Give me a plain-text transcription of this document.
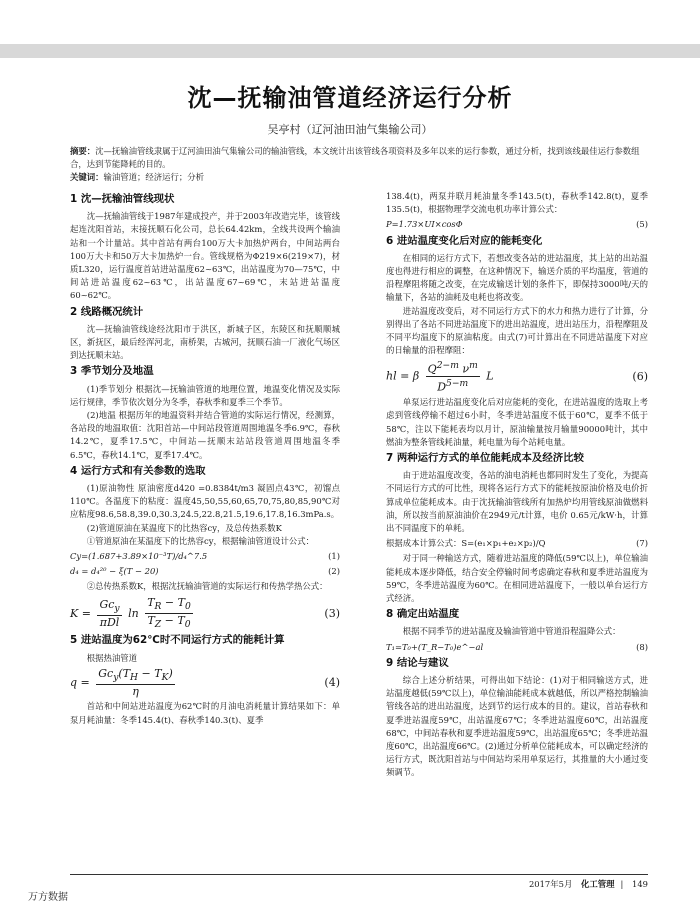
沈—抚输油管道经济运行分析
吴亭村（辽河油田油气集输公司）
摘要：沈—抚输油管线隶属于辽河油田油气集输公司的输油管线，本文统计出该管线各项资料及多年以来的运行参数，通过分析，找到该线最佳运行参数组合，达到节能降耗的目的。
关键词：输油管道；经济运行；分析
1 沈—抚输油管线现状

沈—抚输油管线于1987年建成投产，并于2003年改造完毕，该管线起连沈阳首站，末接抚顺石化公司，总长64.42km，全线共设两个输油站和一个计量站。其中首站有两台100万大卡加热炉两台，中间站两台100万大卡和50万大卡加热炉一台。管线规格为Φ219×6(219×7)，材质L320，运行温度首站进站温度62~63℃，出站温度为70—75℃，中间站进站温度62~63℃，出站温度67~69℃，末站进站温度60~62℃。

2 线路概况统计

沈—抚输油管线途经沈阳市于洪区，新城子区，东陵区和抚顺顺城区，新抚区，最后经浑河北，南桥架，古城河，抚顺石油一厂液化气场区到达抚顺末站。

3 季节划分及地温

(1)季节划分 根据沈—抚输油管道的地理位置，地温变化情况及实际运行规律，季节依次划分为冬季，春秋季和夏季三个季节。

(2)地温 根据历年的地温资料并结合管道的实际运行情况，经测算，各站段的地温取值：沈阳首站—中间站段管道周围地温冬季6.9℃，春秋14.2℃，夏季17.5℃，中间站—抚顺末站站段管道周围地温冬季6.5℃，春秋14.1℃，夏季17.4℃。

4 运行方式和有关参数的选取

(1)原油物性 原油密度d420 =0.8384t/m3 凝固点43℃，初馏点110℃。各温度下的粘度：温度45,50,55,60,65,70,75,80,85,90℃对应粘度98.6,58.8,39.0,30.3,24.5,22.8,21.5,19.6,17.8,16.3mPa.s。

(2)管道原油在某温度下的比热容cy，及总传热系数K

①管道原油在某温度下的比热容cy，根据输油管道设计公式：

Cy=(1.687+3.89×10⁻³T)/d₄^7.5	(1)
d₄ = d₄²⁰ − ξ(T − 20)	(2)

②总传热系数K，根据沈抚输油管道的实际运行和传热学热公式：

$K = \frac{Gc_y}{\text{πDl}}$ $\ln \frac{T_R - T_0}{T_Z - T_0}$	(3)
5 进站温度为62℃时不同运行方式的能耗计算

根据热油管道

$q = \frac{Gc_y(T_H - T_K)}{\eta}$	(4)

首站和中间站进站温度为62℃时的月油电消耗量计算结果如下：单泵月耗油量：冬季145.4(t)、春秋季140.3(t)、夏季

138.4(t)，两泵并联月耗油量冬季143.5(t)，春秋季142.8(t)，夏季135.5(t)，根据物理学交流电机功率计算公式：

P=1.73×UI×cosΦ	(5)
6 进站温度变化后对应的能耗变化

在相同的运行方式下，若想改变各站的进站温度，其上站的出站温度也得进行相应的调整，在这种情况下，输送介质的平均温度，管道的沿程摩阻将随之改变，在完成输送计划的条件下，即保持3000吨/天的输量下，各站的油耗及电耗也将改变。

进站温度改变后，对不同运行方式下的水力和热力进行了计算，分别得出了各站不同进站温度下的进出站温度，进出站压力，沿程摩阻及不同平均温度下的原油粘度。由式(7)可计算出在不同进站温度下对应的日输量的沿程摩阻：

hl = β $\frac{Q^{2-m} \nu^m}{D^{5-m}}$ L	(6)

单泵运行进站温度变化后对应能耗的变化，在进站温度的选取上考虑到管线停输不超过6小时，冬季进站温度不低于60℃，夏季不低于58℃，注以下能耗表均以月计，原油输量按月输量90000吨计，其中燃油为整条管线耗油量，耗电量为每个站耗电量。

7 两种运行方式的单位能耗成本及经济比较

由于进站温度改变，各站的油电消耗也都同时发生了变化，为提高不同运行方式的可比性，现将各运行方式下的能耗按原油价格及电价折算成单位能耗成本。由于沈抚输油管线所有加热炉均用管线原油做燃料油，所以按当前原油油价在2949元/t计算，电价 0.65元/kW·h，计算出不同温度下的单耗。

根据成本计算公式：S=(e₁×p₁+e₂×p₂)/Q	(7)

对于同一种输送方式，随着进站温度的降低(59℃以上)，单位输油能耗成本逐步降低，结合安全停输时间考虑确定春秋和夏季进站温度为59℃，冬季进站温度为60℃。在相同进站温度下，一般以单台运行方式经济。

8 确定出站温度

根据不同季节的进站温度及输油管道中管道沿程温降公式：

T₁=T₀+(T_R−T₀)e^−al	(8)
9 结论与建议

综合上述分析结果，可得出如下结论：(1)对于相同输送方式，进站温度越低(59℃以上)，单位输油能耗成本就越低，所以严格控制输油管线各站的进出站温度，达到节约运行成本的目的。建议，首站春秋和夏季进站温度59℃，出站温度67℃；冬季进站温度60℃，出站温度68℃，中间站春秋和夏季进站温度59℃，出站温度65℃；冬季进站温度60℃，出站温度66℃。(2)通过分析单位能耗成本，可以确定经济的运行方式，既沈阳首站与中间站均采用单泵运行，其推量的大小通过变频调节。

2017年5月 化工管理 | 149
万方数据
